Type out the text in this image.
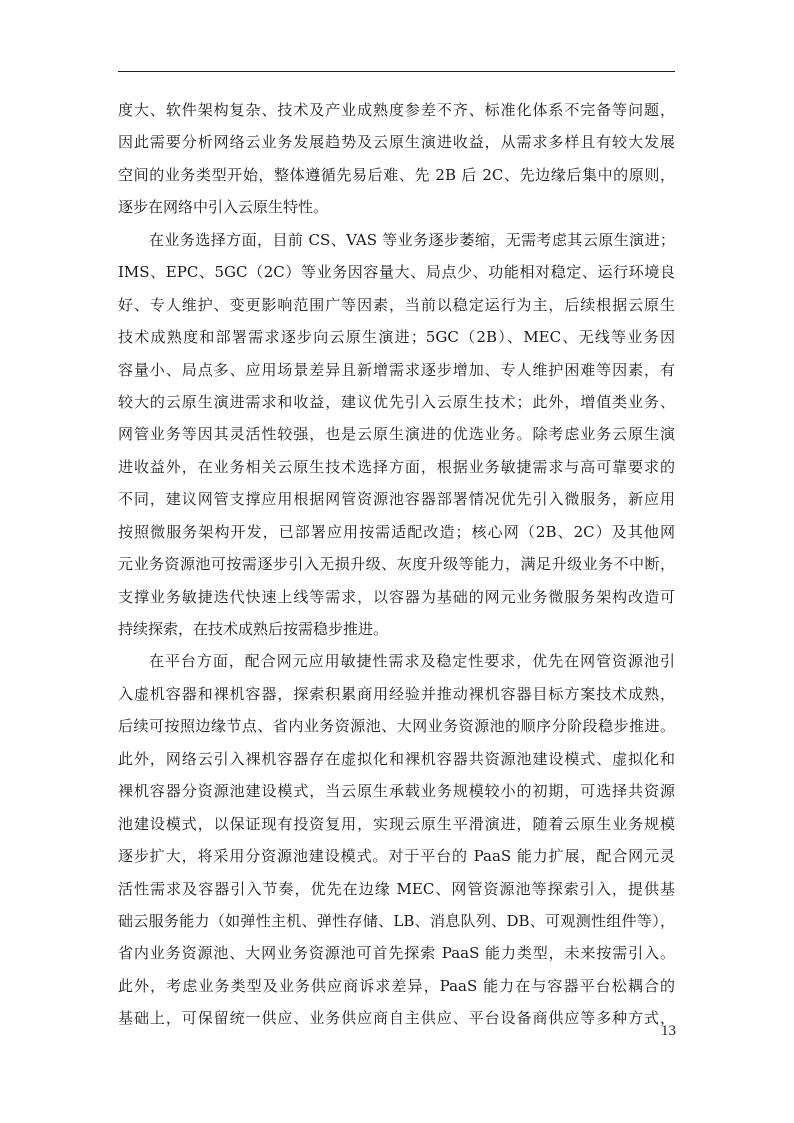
度大、软件架构复杂、技术及产业成熟度参差不齐、标准化体系不完备等问题，
因此需要分析网络云业务发展趋势及云原生演进收益，从需求多样且有较大发展
空间的业务类型开始，整体遵循先易后难、先 2B 后 2C、先边缘后集中的原则，
逐步在网络中引入云原生特性。
在业务选择方面，目前 CS、VAS 等业务逐步萎缩，无需考虑其云原生演进；
IMS、EPC、5GC（2C）等业务因容量大、局点少、功能相对稳定、运行环境良
好、专人维护、变更影响范围广等因素，当前以稳定运行为主，后续根据云原生
技术成熟度和部署需求逐步向云原生演进；5GC（2B）、MEC、无线等业务因
容量小、局点多、应用场景差异且新增需求逐步增加、专人维护困难等因素，有
较大的云原生演进需求和收益，建议优先引入云原生技术；此外，增值类业务、
网管业务等因其灵活性较强，也是云原生演进的优选业务。除考虑业务云原生演
进收益外，在业务相关云原生技术选择方面，根据业务敏捷需求与高可靠要求的
不同，建议网管支撑应用根据网管资源池容器部署情况优先引入微服务，新应用
按照微服务架构开发，已部署应用按需适配改造；核心网（2B、2C）及其他网
元业务资源池可按需逐步引入无损升级、灰度升级等能力，满足升级业务不中断，
支撑业务敏捷迭代快速上线等需求，以容器为基础的网元业务微服务架构改造可
持续探索，在技术成熟后按需稳步推进。
在平台方面，配合网元应用敏捷性需求及稳定性要求，优先在网管资源池引
入虚机容器和裸机容器，探索积累商用经验并推动裸机容器目标方案技术成熟，
后续可按照边缘节点、省内业务资源池、大网业务资源池的顺序分阶段稳步推进。
此外，网络云引入裸机容器存在虚拟化和裸机容器共资源池建设模式、虚拟化和
裸机容器分资源池建设模式，当云原生承载业务规模较小的初期，可选择共资源
池建设模式，以保证现有投资复用，实现云原生平滑演进，随着云原生业务规模
逐步扩大，将采用分资源池建设模式。对于平台的 PaaS 能力扩展，配合网元灵
活性需求及容器引入节奏，优先在边缘 MEC、网管资源池等探索引入，提供基
础云服务能力（如弹性主机、弹性存储、LB、消息队列、DB、可观测性组件等），
省内业务资源池、大网业务资源池可首先探索 PaaS 能力类型，未来按需引入。
此外，考虑业务类型及业务供应商诉求差异，PaaS 能力在与容器平台松耦合的
基础上，可保留统一供应、业务供应商自主供应、平台设备商供应等多种方式，
13
